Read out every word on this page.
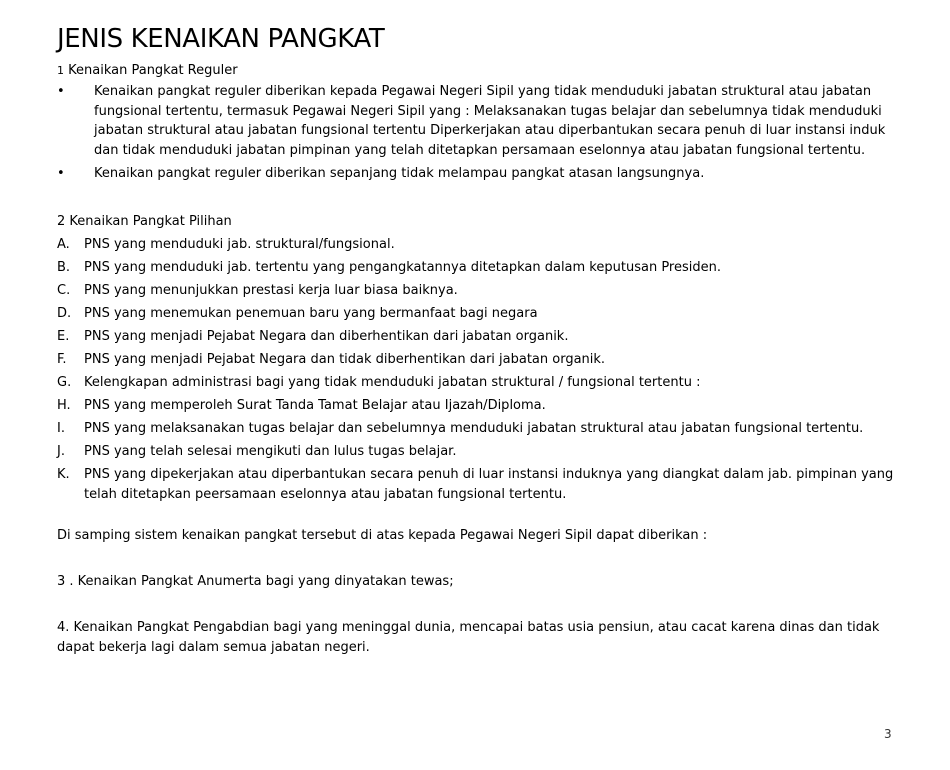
JENIS KENAIKAN PANGKAT
1 Kenaikan Pangkat Reguler
•	Kenaikan pangkat reguler diberikan kepada Pegawai Negeri Sipil yang tidak menduduki jabatan struktural atau jabatan fungsional tertentu, termasuk Pegawai Negeri Sipil yang : Melaksanakan tugas belajar dan sebelumnya tidak menduduki jabatan struktural atau jabatan fungsional tertentu Diperkerjakan atau diperbantukan secara penuh di luar instansi induk dan tidak menduduki jabatan pimpinan yang telah ditetapkan persamaan eselonnya atau jabatan fungsional tertentu.
•	Kenaikan pangkat reguler diberikan sepanjang tidak melampau pangkat atasan langsungnya.
2 Kenaikan Pangkat Pilihan
A. PNS yang menduduki jab. struktural/fungsional.
B. PNS yang menduduki jab. tertentu yang pengangkatannya ditetapkan dalam keputusan Presiden.
C. PNS yang menunjukkan prestasi kerja luar biasa baiknya.
D. PNS yang menemukan penemuan baru yang bermanfaat bagi negara
E. PNS yang menjadi Pejabat Negara dan diberhentikan dari jabatan organik.
F. PNS yang menjadi Pejabat Negara dan tidak diberhentikan dari jabatan organik.
G. Kelengkapan administrasi bagi yang tidak menduduki jabatan struktural / fungsional tertentu :
H. PNS yang memperoleh Surat Tanda Tamat Belajar atau Ijazah/Diploma.
I. PNS yang melaksanakan tugas belajar dan sebelumnya menduduki jabatan struktural atau jabatan fungsional tertentu.
J. PNS yang telah selesai mengikuti dan lulus tugas belajar.
K. PNS yang dipekerjakan atau diperbantukan secara penuh di luar instansi induknya yang diangkat dalam jab. pimpinan yang telah ditetapkan peersamaan eselonnya atau jabatan fungsional tertentu.
Di samping sistem kenaikan pangkat tersebut di atas kepada Pegawai Negeri Sipil dapat diberikan :
3 . Kenaikan Pangkat Anumerta bagi yang dinyatakan tewas;
4. Kenaikan Pangkat Pengabdian bagi yang meninggal dunia, mencapai batas usia pensiun, atau cacat karena dinas dan tidak dapat bekerja lagi dalam semua jabatan negeri.
3
